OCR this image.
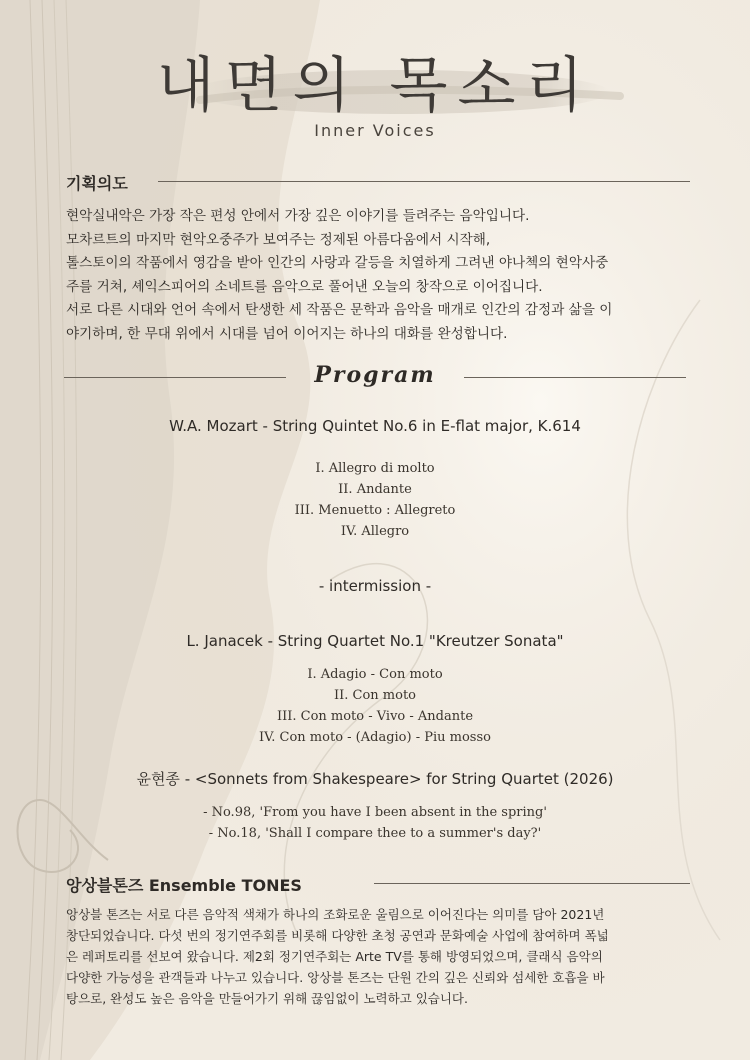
내면의 목소리
Inner Voices
기획의도
현악실내악은 가장 작은 편성 안에서 가장 깊은 이야기를 들려주는 음악입니다.
모차르트의 마지막 현악오중주가 보여주는 정제된 아름다움에서 시작해,
톨스토이의 작품에서 영감을 받아 인간의 사랑과 갈등을 치열하게 그려낸 야나첵의 현악사중
주를 거쳐, 셰익스피어의 소네트를 음악으로 풀어낸 오늘의 창작으로 이어집니다.
서로 다른 시대와 언어 속에서 탄생한 세 작품은 문학과 음악을 매개로 인간의 감정과 삶을 이
야기하며, 한 무대 위에서 시대를 넘어 이어지는 하나의 대화를 완성합니다.
Program
W.A. Mozart - String Quintet No.6 in E-flat major, K.614
I. Allegro di molto
II. Andante
III. Menuetto : Allegreto
IV. Allegro
- intermission -
L. Janacek - String Quartet No.1 "Kreutzer Sonata"
I. Adagio - Con moto
II. Con moto
III. Con moto - Vivo - Andante
IV. Con moto - (Adagio) - Piu mosso
윤현종 - <Sonnets from Shakespeare> for String Quartet (2026)
- No.98, 'From you have I been absent in the spring'
- No.18, 'Shall I compare thee to a summer's day?'
앙상블톤즈 Ensemble TONES
앙상블 톤즈는 서로 다른 음악적 색채가 하나의 조화로운 울림으로 이어진다는 의미를 담아 2021년
창단되었습니다. 다섯 번의 정기연주회를 비롯해 다양한 초청 공연과 문화예술 사업에 참여하며 폭넓
은 레퍼토리를 선보여 왔습니다. 제2회 정기연주회는 Arte TV를 통해 방영되었으며, 클래식 음악의
다양한 가능성을 관객들과 나누고 있습니다. 앙상블 톤즈는 단원 간의 깊은 신뢰와 섬세한 호흡을 바
탕으로, 완성도 높은 음악을 만들어가기 위해 끊임없이 노력하고 있습니다.
